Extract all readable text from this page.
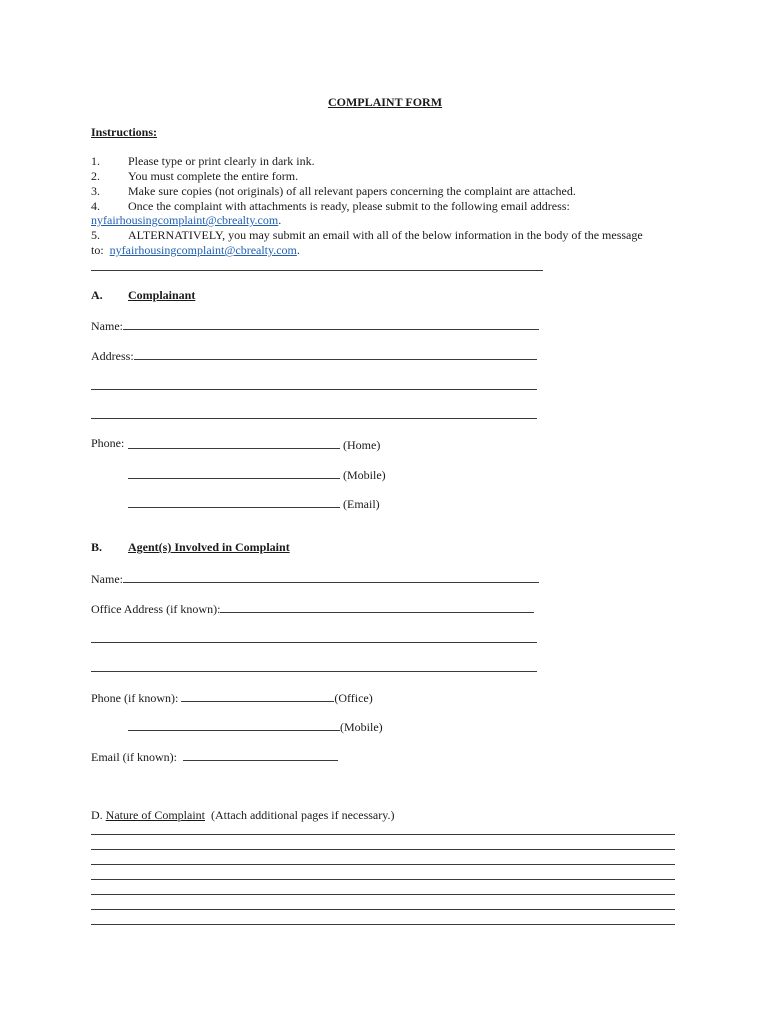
COMPLAINT FORM
Instructions:
1. Please type or print clearly in dark ink.
2. You must complete the entire form.
3. Make sure copies (not originals) of all relevant papers concerning the complaint are attached.
4. Once the complaint with attachments is ready, please submit to the following email address:
nyfairhousingcomplaint@cbrealty.com.
5. ALTERNATIVELY, you may submit an email with all of the below information in the body of the message
to: nyfairhousingcomplaint@cbrealty.com.
A. Complainant
Name:
Address:
Phone:	(Home)
(Mobile)
(Email)
B. Agent(s) Involved in Complaint
Name:
Office Address (if known):
Phone (if known):	(Office)
(Mobile)
Email (if known):
D. Nature of Complaint (Attach additional pages if necessary.)
